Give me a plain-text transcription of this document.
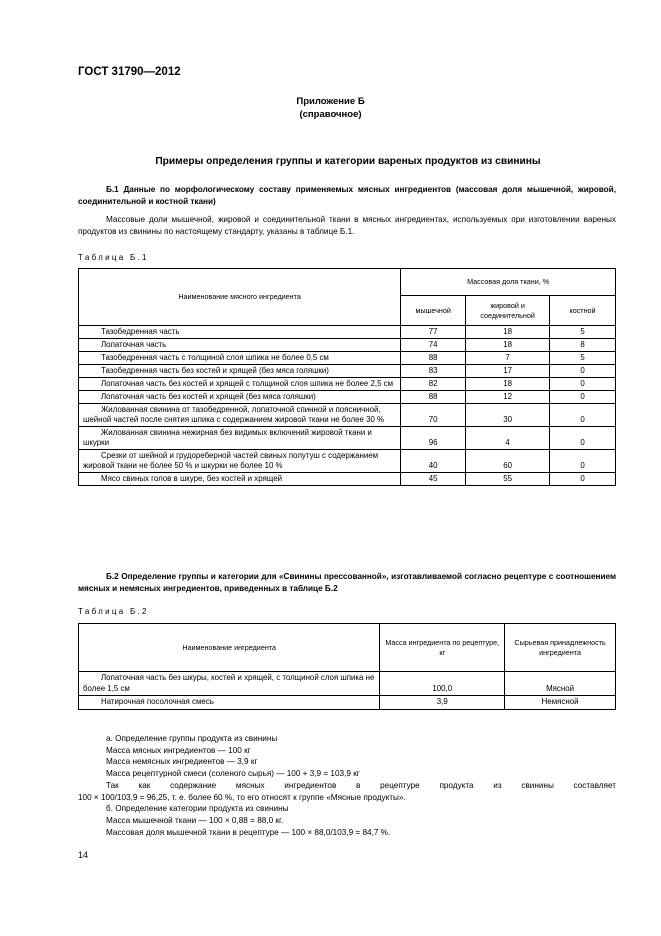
ГОСТ 31790—2012
Приложение Б
(справочное)
Примеры определения группы и категории вареных продуктов из свинины
Б.1 Данные по морфологическому составу применяемых мясных ингредиентов (массовая доля мышечной, жировой, соединительной и костной ткани)
Массовые доли мышечной, жировой и соединительной ткани в мясных ингредиентах, используемых при изготовлении вареных продуктов из свинины по настоящему стандарту, указаны в таблице Б.1.
Таблица Б.1
Наименование мясного ингредиента	Массовая доля ткани, %		
	мышечной	жировой и соединительной	костной
Тазобедренная часть	77	18	5
Лопаточная часть	74	18	8
Тазобедренная часть с толщиной слоя шпика не более 0,5 см	88	7	5
Тазобедренная часть без костей и хрящей (без мяса голяшки)	83	17	0
Лопаточная часть без костей и хрящей с толщиной слоя шпика не более 2,5 см	82	18	0
Лопаточная часть без костей и хрящей (без мяса голяшки)	88	12	0
Жилованная свинина от тазобедренной, лопаточной спинной и поясничной, шейной частей после снятия шпика с содержанием жировой ткани не более 30 %	70	30	0
Жилованная свинина нежирная без видимых включений жировой ткани и шкурки	96	4	0
Срезки от шейной и грудореберной частей свиных полутуш с содержанием жировой ткани не более 50 % и шкурки не более 10 %	40	60	0
Мясо свиных голов в шкуре, без костей и хрящей	45	55	0
Б.2 Определение группы и категории для «Свинины прессованной», изготавливаемой согласно рецептуре с соотношением мясных и немясных ингредиентов, приведенных в таблице Б.2
Таблица Б.2
Наименование ингредиента	Масса ингредиента по рецептуре, кг	Сырьевая принадлежность ингредиента
Лопаточная часть без шкуры, костей и хрящей, с толщиной слоя шпика не более 1,5 см	100,0	Мясной
Натирочная посолочная смесь	3,9	Немясной
а. Определение группы продукта из свинины
Масса мясных ингредиентов — 100 кг
Масса немясных ингредиентов — 3,9 кг
Масса рецептурной смеси (соленого сырья) — 100 + 3,9 = 103,9 кг
Так как содержание мясных ингредиентов в рецептуре продукта из свинины составляет
100 × 100/103,9 = 96,25, т. е. более 60 %, то его относят к группе «Мясные продукты».
б. Определение категории продукта из свинины
Масса мышечной ткани — 100 × 0,88 = 88,0 кг.
Массовая доля мышечной ткани в рецептуре — 100 × 88,0/103,9 = 84,7 %.
14
